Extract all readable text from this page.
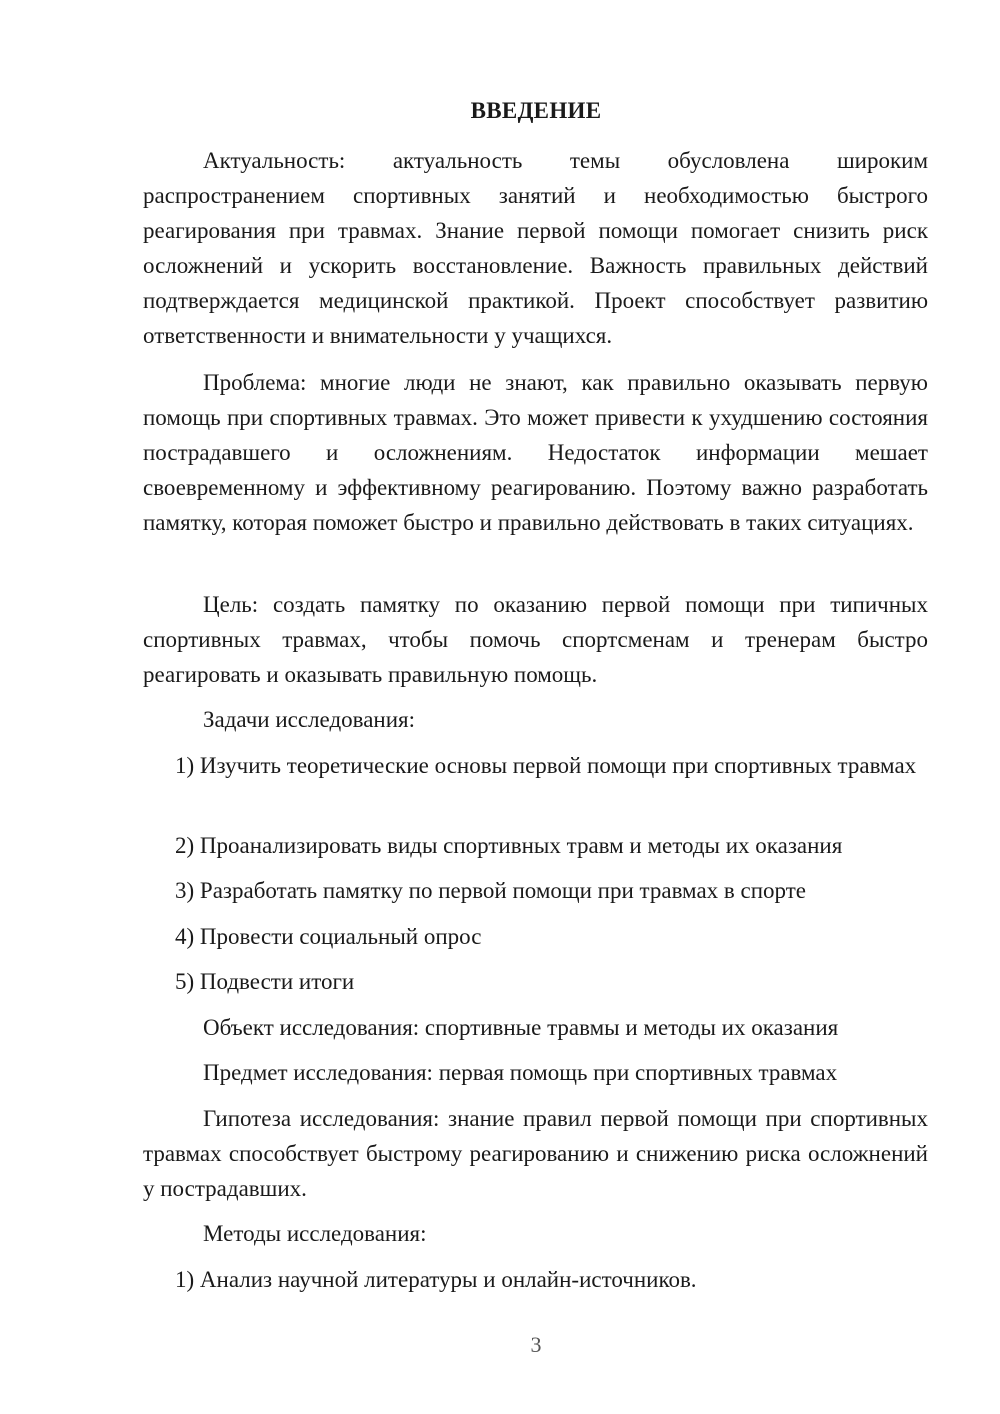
ВВЕДЕНИЕ

Актуальность: актуальность темы обусловлена широким распространением спортивных занятий и необходимостью быстрого реагирования при травмах. Знание первой помощи помогает снизить риск осложнений и ускорить восстановление. Важность правильных действий подтверждается медицинской практикой. Проект способствует развитию ответственности и внимательности у учащихся.

Проблема: многие люди не знают, как правильно оказывать первую помощь при спортивных травмах. Это может привести к ухудшению состояния пострадавшего и осложнениям. Недостаток информации мешает своевременному и эффективному реагированию. Поэтому важно разработать памятку, которая поможет быстро и правильно действовать в таких ситуациях.

Цель: создать памятку по оказанию первой помощи при типичных спортивных травмах, чтобы помочь спортсменам и тренерам быстро реагировать и оказывать правильную помощь.

Задачи исследования:

1) Изучить теоретические основы первой помощи при спортивных травмах

2) Проанализировать виды спортивных травм и методы их оказания

3) Разработать памятку по первой помощи при травмах в спорте

4) Провести социальный опрос

5) Подвести итоги

Объект исследования: спортивные травмы и методы их оказания

Предмет исследования: первая помощь при спортивных травмах

Гипотеза исследования: знание правил первой помощи при спортивных травмах способствует быстрому реагированию и снижению риска осложнений у пострадавших.

Методы исследования:

1) Анализ научной литературы и онлайн-источников.

3
